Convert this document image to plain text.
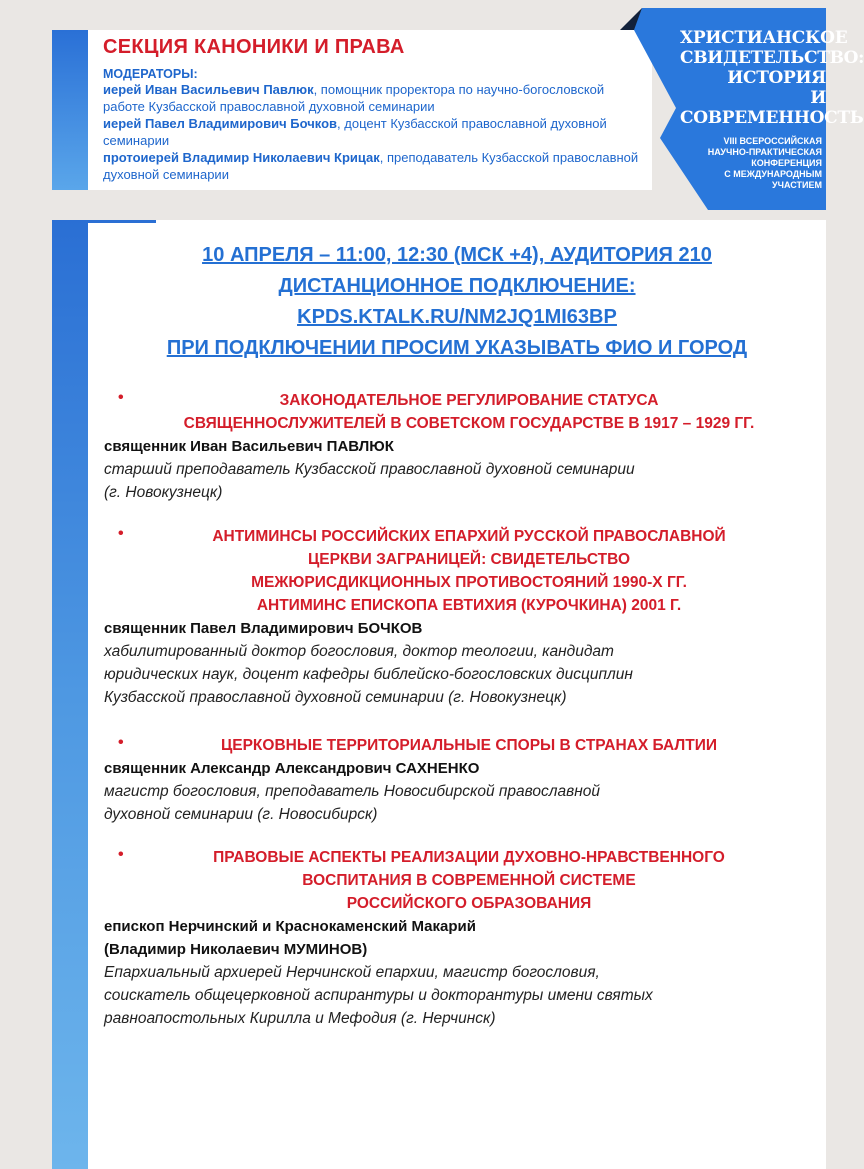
СЕКЦИЯ КАНОНИКИ И ПРАВА
МОДЕРАТОРЫ:
иерей Иван Васильевич Павлюк, помощник проректора по научно-богословской работе Кузбасской православной духовной семинарии
иерей Павел Владимирович Бочков, доцент Кузбасской православной духовной семинарии
протоиерей Владимир Николаевич Крицак, преподаватель Кузбасской православной духовной семинарии
ХРИСТИАНСКОЕ
СВИДЕТЕЛЬСТВО:
ИСТОРИЯ
И СОВРЕМЕННОСТЬ
VIII ВСЕРОССИЙСКАЯ
НАУЧНО-ПРАКТИЧЕСКАЯ
КОНФЕРЕНЦИЯ
С МЕЖДУНАРОДНЫМ
УЧАСТИЕМ
10 АПРЕЛЯ – 11:00, 12:30 (МСК +4), АУДИТОРИЯ 210
ДИСТАНЦИОННОЕ ПОДКЛЮЧЕНИЕ:
KPDS.KTALK.RU/NM2JQ1MI63BP
ПРИ ПОДКЛЮЧЕНИИ ПРОСИМ УКАЗЫВАТЬ ФИО И ГОРОД
•	ЗАКОНОДАТЕЛЬНОЕ РЕГУЛИРОВАНИЕ СТАТУСА
СВЯЩЕННОСЛУЖИТЕЛЕЙ В СОВЕТСКОМ ГОСУДАРСТВЕ В 1917 – 1929 ГГ.
священник Иван Васильевич ПАВЛЮК
старший преподаватель Кузбасской православной духовной семинарии
(г. Новокузнецк)
•	АНТИМИНСЫ РОССИЙСКИХ ЕПАРХИЙ РУССКОЙ ПРАВОСЛАВНОЙ
ЦЕРКВИ ЗАГРАНИЦЕЙ: СВИДЕТЕЛЬСТВО
МЕЖЮРИСДИКЦИОННЫХ ПРОТИВОСТОЯНИЙ 1990-Х ГГ.
АНТИМИНС ЕПИСКОПА ЕВТИХИЯ (КУРОЧКИНА) 2001 Г.
священник Павел Владимирович БОЧКОВ
хабилитированный доктор богословия, доктор теологии, кандидат
юридических наук, доцент кафедры библейско-богословских дисциплин
Кузбасской православной духовной семинарии (г. Новокузнецк)
•	ЦЕРКОВНЫЕ ТЕРРИТОРИАЛЬНЫЕ СПОРЫ В СТРАНАХ БАЛТИИ
священник Александр Александрович САХНЕНКО
магистр богословия, преподаватель Новосибирской православной
духовной семинарии (г. Новосибирск)
•	ПРАВОВЫЕ АСПЕКТЫ РЕАЛИЗАЦИИ ДУХОВНО-НРАВСТВЕННОГО
ВОСПИТАНИЯ В СОВРЕМЕННОЙ СИСТЕМЕ
РОССИЙСКОГО ОБРАЗОВАНИЯ
епископ Нерчинский и Краснокаменский Макарий
(Владимир Николаевич МУМИНОВ)
Епархиальный архиерей Нерчинской епархии, магистр богословия,
соискатель общецерковной аспирантуры и докторантуры имени святых
равноапостольных Кирилла и Мефодия (г. Нерчинск)
